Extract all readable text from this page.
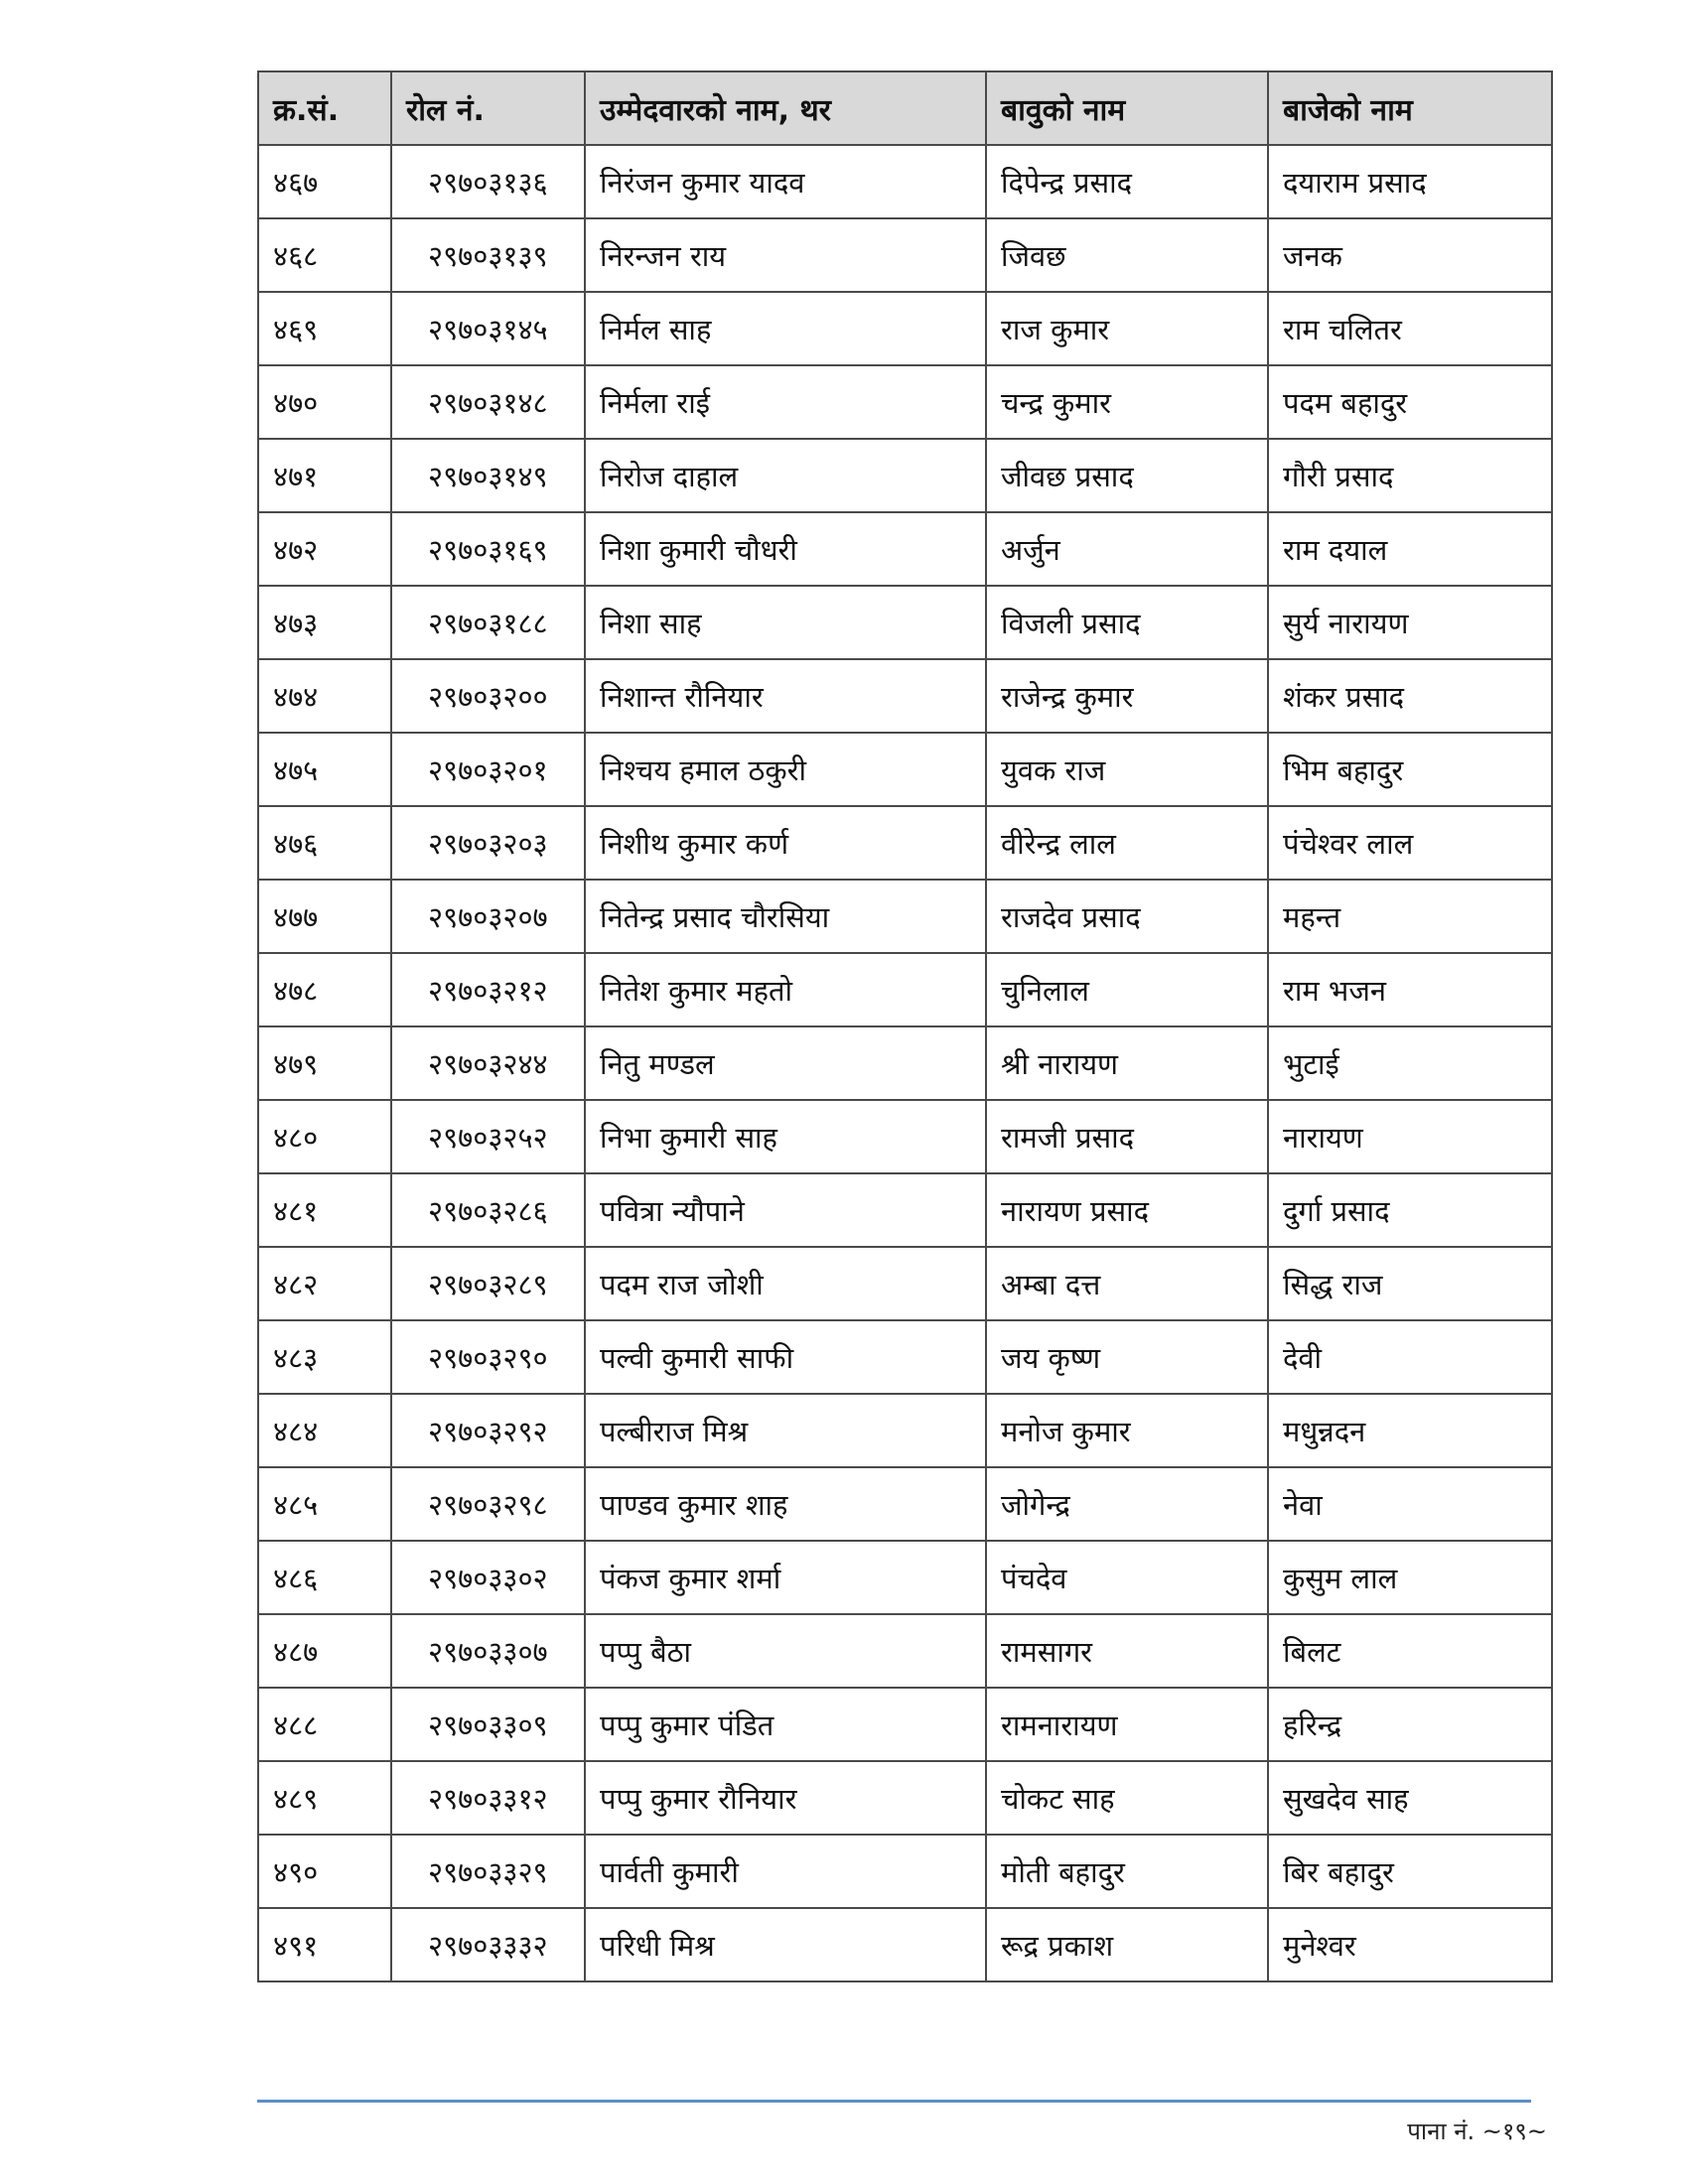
क्र.सं.	रोल नं.	उम्मेदवारको नाम, थर	बावुको नाम	बाजेको नाम
४६७	२९७०३१३६	निरंजन कुमार यादव	दिपेन्द्र प्रसाद	दयाराम प्रसाद
४६८	२९७०३१३९	निरन्जन राय	जिवछ	जनक
४६९	२९७०३१४५	निर्मल साह	राज कुमार	राम चलितर
४७०	२९७०३१४८	निर्मला राई	चन्द्र कुमार	पदम बहादुर
४७१	२९७०३१४९	निरोज दाहाल	जीवछ प्रसाद	गौरी प्रसाद
४७२	२९७०३१६९	निशा कुमारी चौधरी	अर्जुन	राम दयाल
४७३	२९७०३१८८	निशा साह	विजली प्रसाद	सुर्य नारायण
४७४	२९७०३२००	निशान्त रौनियार	राजेन्द्र कुमार	शंकर प्रसाद
४७५	२९७०३२०१	निश्चय हमाल ठकुरी	युवक राज	भिम बहादुर
४७६	२९७०३२०३	निशीथ कुमार कर्ण	वीरेन्द्र लाल	पंचेश्वर लाल
४७७	२९७०३२०७	नितेन्द्र प्रसाद चौरसिया	राजदेव प्रसाद	महन्त
४७८	२९७०३२१२	नितेश कुमार महतो	चुनिलाल	राम भजन
४७९	२९७०३२४४	नितु मण्डल	श्री नारायण	भुटाई
४८०	२९७०३२५२	निभा कुमारी साह	रामजी प्रसाद	नारायण
४८१	२९७०३२८६	पवित्रा न्यौपाने	नारायण प्रसाद	दुर्गा प्रसाद
४८२	२९७०३२८९	पदम राज जोशी	अम्बा दत्त	सिद्ध राज
४८३	२९७०३२९०	पल्वी कुमारी साफी	जय कृष्ण	देवी
४८४	२९७०३२९२	पल्बीराज मिश्र	मनोज कुमार	मधुन्नदन
४८५	२९७०३२९८	पाण्डव कुमार शाह	जोगेन्द्र	नेवा
४८६	२९७०३३०२	पंकज कुमार शर्मा	पंचदेव	कुसुम लाल
४८७	२९७०३३०७	पप्पु बैठा	रामसागर	बिलट
४८८	२९७०३३०९	पप्पु कुमार पंडित	रामनारायण	हरिन्द्र
४८९	२९७०३३१२	पप्पु कुमार रौनियार	चोकट साह	सुखदेव साह
४९०	२९७०३३२९	पार्वती कुमारी	मोती बहादुर	बिर बहादुर
४९१	२९७०३३३२	परिधी मिश्र	रूद्र प्रकाश	मुनेश्वर
पाना नं. ~१९~
